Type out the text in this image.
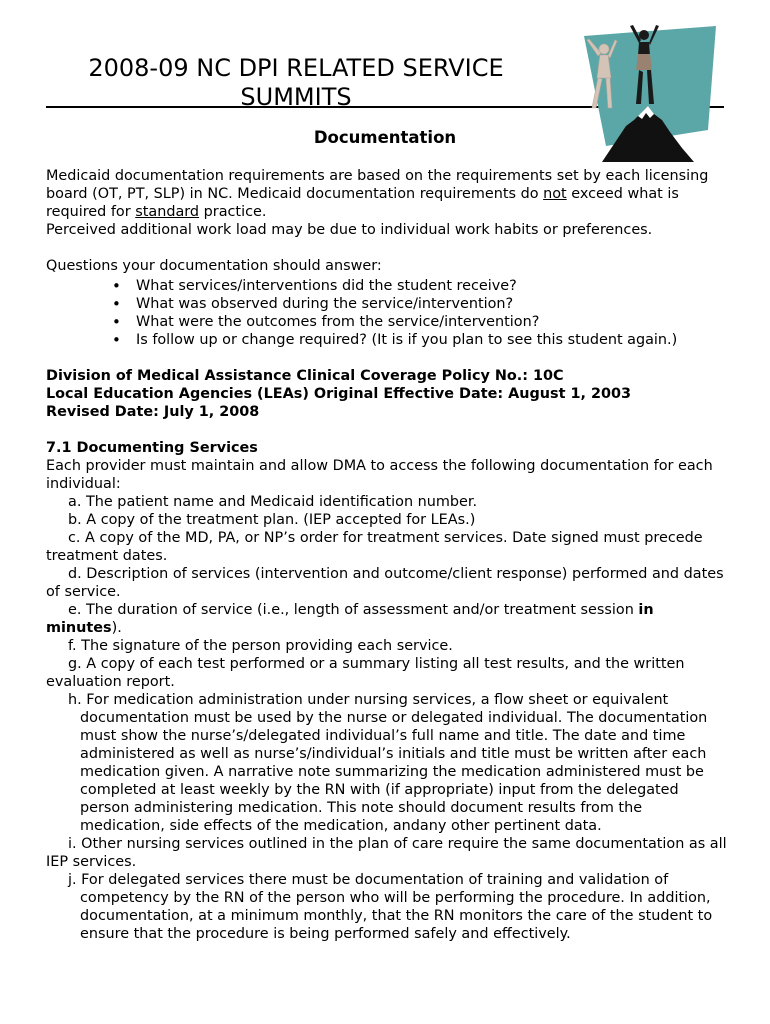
2008-09 NC DPI RELATED SERVICE
SUMMITS
Documentation

Medicaid documentation requirements are based on the requirements set by each licensing board (OT, PT, SLP) in NC. Medicaid documentation requirements do not exceed what is required for standard practice.

Perceived additional work load may be due to individual work habits or preferences.

Questions your documentation should answer:

• What services/interventions did the student receive?
• What was observed during the service/intervention?
• What were the outcomes from the service/intervention?
• Is follow up or change required? (It is if you plan to see this student again.)

Division of Medical Assistance Clinical Coverage Policy No.: 10C

Local Education Agencies (LEAs) Original Effective Date: August 1, 2003

Revised Date: July 1, 2008

7.1 Documenting Services

Each provider must maintain and allow DMA to access the following documentation for each individual:

a. The patient name and Medicaid identification number.

b. A copy of the treatment plan. (IEP accepted for LEAs.)

c. A copy of the MD, PA, or NP’s order for treatment services. Date signed must precede treatment dates.

d. Description of services (intervention and outcome/client response) performed and dates of service.

e. The duration of service (i.e., length of assessment and/or treatment session in minutes).

f. The signature of the person providing each service.

g. A copy of each test performed or a summary listing all test results, and the written evaluation report.

h. For medication administration under nursing services, a flow sheet or equivalent documentation must be used by the nurse or delegated individual. The documentation must show the nurse’s/delegated individual’s full name and title. The date and time administered as well as nurse’s/individual’s initials and title must be written after each medication given. A narrative note summarizing the medication administered must be completed at least weekly by the RN with (if appropriate) input from the delegated person administering medication. This note should document results from the medication, side effects of the medication, andany other pertinent data.

i. Other nursing services outlined in the plan of care require the same documentation as all IEP services.

j. For delegated services there must be documentation of training and validation of competency by the RN of the person who will be performing the procedure. In addition, documentation, at a minimum monthly, that the RN monitors the care of the student to ensure that the procedure is being performed safely and effectively.
